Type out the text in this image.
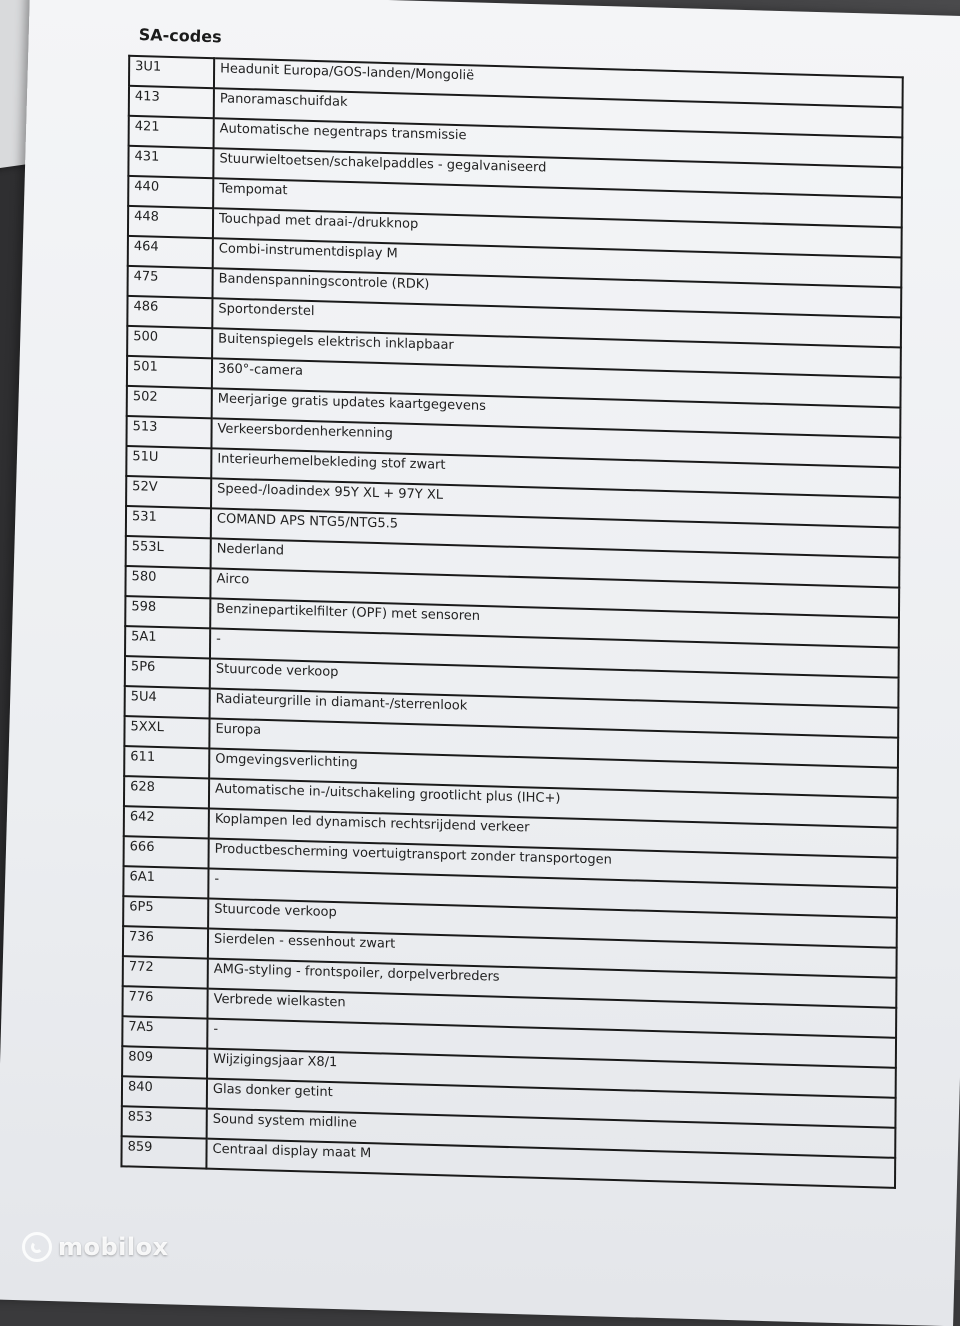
SA-codes
3U1	Headunit Europa/GOS-landen/Mongolië
413	Panoramaschuifdak
421	Automatische negentraps transmissie
431	Stuurwieltoetsen/schakelpaddles - gegalvaniseerd
440	Tempomat
448	Touchpad met draai-/drukknop
464	Combi-instrumentdisplay M
475	Bandenspanningscontrole (RDK)
486	Sportonderstel
500	Buitenspiegels elektrisch inklapbaar
501	360°-camera
502	Meerjarige gratis updates kaartgegevens
513	Verkeersbordenherkenning
51U	Interieurhemelbekleding stof zwart
52V	Speed-/loadindex 95Y XL + 97Y XL
531	COMAND APS NTG5/NTG5.5
553L	Nederland
580	Airco
598	Benzinepartikelfilter (OPF) met sensoren
5A1	-
5P6	Stuurcode verkoop
5U4	Radiateurgrille in diamant-/sterrenlook
5XXL	Europa
611	Omgevingsverlichting
628	Automatische in-/uitschakeling grootlicht plus (IHC+)
642	Koplampen led dynamisch rechtsrijdend verkeer
666	Productbescherming voertuigtransport zonder transportogen
6A1	-
6P5	Stuurcode verkoop
736	Sierdelen - essenhout zwart
772	AMG-styling - frontspoiler, dorpelverbreders
776	Verbrede wielkasten
7A5	-
809	Wijzigingsjaar X8/1
840	Glas donker getint
853	Sound system midline
859	Centraal display maat M
mobilox
